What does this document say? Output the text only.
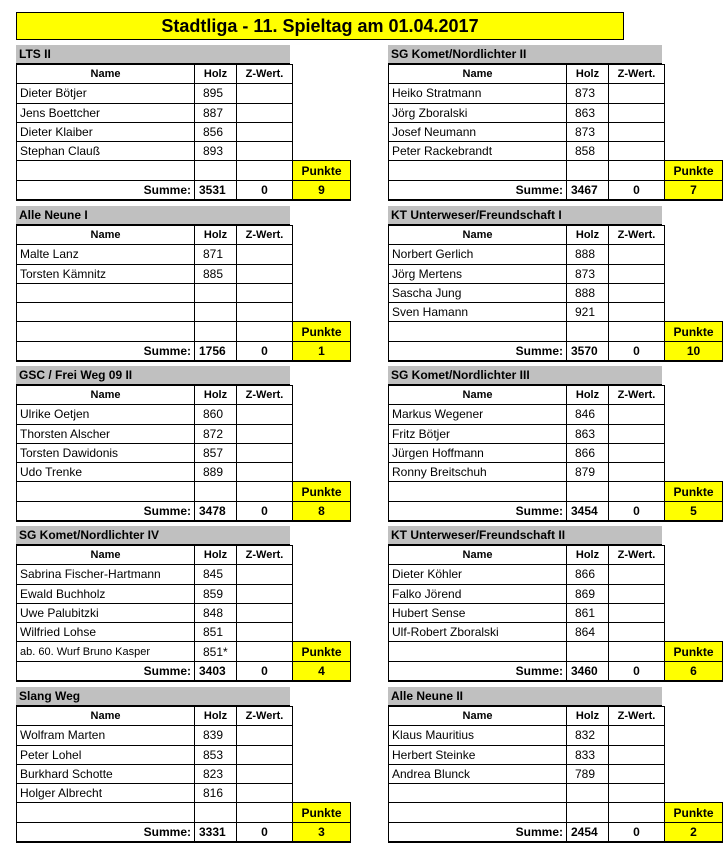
Stadtliga - 11. Spieltag am 01.04.2017
LTS II
Name	Holz	Z-Wert.	
Dieter Bötjer	895		
Jens Boettcher	887		
Dieter Klaiber	856		
Stephan Clauß	893		
			Punkte
Summe:	3531	0	9
SG Komet/Nordlichter II
Name	Holz	Z-Wert.	
Heiko Stratmann	873		
Jörg Zboralski	863		
Josef Neumann	873		
Peter Rackebrandt	858		
			Punkte
Summe:	3467	0	7
Alle Neune I
Name	Holz	Z-Wert.	
Malte Lanz	871		
Torsten Kämnitz	885		

			Punkte
Summe:	1756	0	1
KT Unterweser/Freundschaft I
Name	Holz	Z-Wert.	
Norbert Gerlich	888		
Jörg Mertens	873		
Sascha Jung	888		
Sven Hamann	921		
			Punkte
Summe:	3570	0	10
GSC / Frei Weg 09 II
Name	Holz	Z-Wert.	
Ulrike Oetjen	860		
Thorsten Alscher	872		
Torsten Dawidonis	857		
Udo Trenke	889		
			Punkte
Summe:	3478	0	8
SG Komet/Nordlichter III
Name	Holz	Z-Wert.	
Markus Wegener	846		
Fritz Bötjer	863		
Jürgen Hoffmann	866		
Ronny Breitschuh	879		
			Punkte
Summe:	3454	0	5
SG Komet/Nordlichter IV
Name	Holz	Z-Wert.	
Sabrina Fischer-Hartmann	845		
Ewald Buchholz	859		
Uwe Palubitzki	848		
Wilfried Lohse	851		
ab. 60. Wurf Bruno Kasper	851*		Punkte
Summe:	3403	0	4
KT Unterweser/Freundschaft II
Name	Holz	Z-Wert.	
Dieter Köhler	866		
Falko Jörend	869		
Hubert Sense	861		
Ulf-Robert Zboralski	864		
			Punkte
Summe:	3460	0	6
Slang Weg
Name	Holz	Z-Wert.	
Wolfram Marten	839		
Peter Lohel	853		
Burkhard Schotte	823		
Holger Albrecht	816		
			Punkte
Summe:	3331	0	3
Alle Neune II
Name	Holz	Z-Wert.	
Klaus Mauritius	832		
Herbert Steinke	833		
Andrea Blunck	789		

			Punkte
Summe:	2454	0	2
